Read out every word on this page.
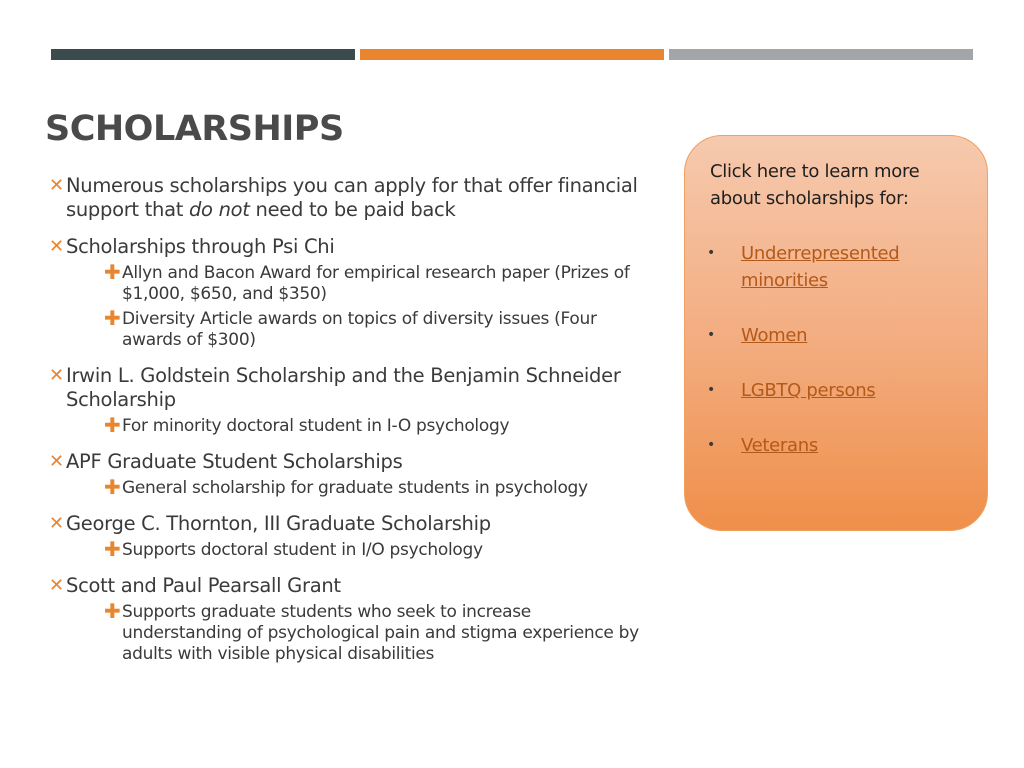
SCHOLARSHIPS
✕ Numerous scholarships you can apply for that offer financial support that do not need to be paid back
✕ Scholarships through Psi Chi
✚ Allyn and Bacon Award for empirical research paper (Prizes of $1,000, $650, and $350)
✚ Diversity Article awards on topics of diversity issues (Four awards of $300)
✕ Irwin L. Goldstein Scholarship and the Benjamin Schneider Scholarship
✚ For minority doctoral student in I-O psychology
✕ APF Graduate Student Scholarships
✚ General scholarship for graduate students in psychology
✕ George C. Thornton, III Graduate Scholarship
✚ Supports doctoral student in I/O psychology
✕ Scott and Paul Pearsall Grant
✚ Supports graduate students who seek to increase understanding of psychological pain and stigma experience by adults with visible physical disabilities
Click here to learn more about scholarships for:
• Underrepresented minorities
• Women
• LGBTQ persons
• Veterans
